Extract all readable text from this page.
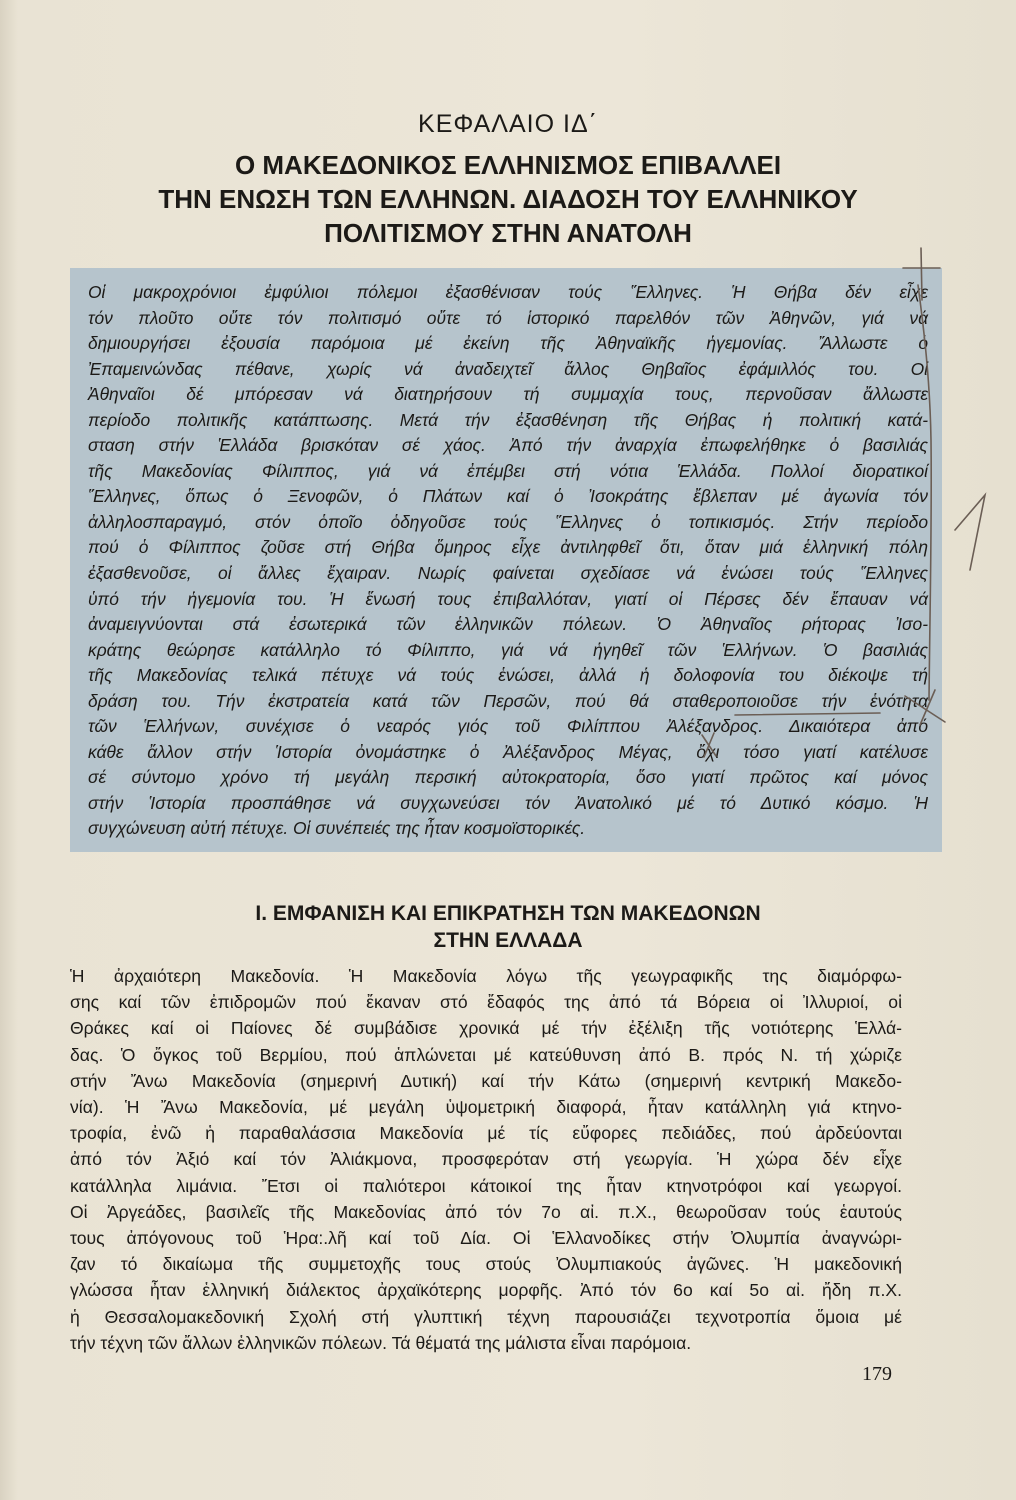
ΚΕΦΑΛΑΙΟ ΙΔ΄
Ο ΜΑΚΕΔΟΝΙΚΟΣ ΕΛΛΗΝΙΣΜΟΣ ΕΠΙΒΑΛΛΕΙ
ΤΗΝ ΕΝΩΣΗ ΤΩΝ ΕΛΛΗΝΩΝ. ΔΙΑΔΟΣΗ ΤΟΥ ΕΛΛΗΝΙΚΟΥ
ΠΟΛΙΤΙΣΜΟΥ ΣΤΗΝ ΑΝΑΤΟΛΗ
Οἱ μακροχρόνιοι ἐμφύλιοι πόλεμοι ἐξασθένισαν τούς Ἕλληνες. Ἡ Θήβα δέν εἶχε
τόν πλοῦτο οὔτε τόν πολιτισμό οὔτε τό ἱστορικό παρελθόν τῶν Ἀθηνῶν, γιά νά
δημιουργήσει ἐξουσία παρόμοια μέ ἐκείνη τῆς Ἀθηναϊκῆς ἡγεμονίας. Ἄλλωστε ὁ
Ἐπαμεινώνδας πέθανε, χωρίς νά ἀναδειχτεῖ ἄλλος Θηβαῖος ἐφάμιλλός του. Οἱ
Ἀθηναῖοι δέ μπόρεσαν νά διατηρήσουν τή συμμαχία τους, περνοῦσαν ἄλλωστε
περίοδο πολιτικῆς κατάπτωσης. Μετά τήν ἐξασθένηση τῆς Θήβας ἡ πολιτική κατά-
σταση στήν Ἑλλάδα βρισκόταν σέ χάος. Ἀπό τήν ἀναρχία ἐπωφελήθηκε ὁ βασιλιάς
τῆς Μακεδονίας Φίλιππος, γιά νά ἐπέμβει στή νότια Ἑλλάδα. Πολλοί διορατικοί
Ἕλληνες, ὅπως ὁ Ξενοφῶν, ὁ Πλάτων καί ὁ Ἰσοκράτης ἔβλεπαν μέ ἀγωνία τόν
ἀλληλοσπαραγμό, στόν ὁποῖο ὁδηγοῦσε τούς Ἕλληνες ὁ τοπικισμός. Στήν περίοδο
πού ὁ Φίλιππος ζοῦσε στή Θήβα ὅμηρος εἶχε ἀντιληφθεῖ ὅτι, ὅταν μιά ἑλληνική πόλη
ἐξασθενοῦσε, οἱ ἄλλες ἔχαιραν. Νωρίς φαίνεται σχεδίασε νά ἑνώσει τούς Ἕλληνες
ὑπό τήν ἡγεμονία του. Ἡ ἕνωσή τους ἐπιβαλλόταν, γιατί οἱ Πέρσες δέν ἔπαυαν νά
ἀναμειγνύονται στά ἐσωτερικά τῶν ἑλληνικῶν πόλεων. Ὁ Ἀθηναῖος ρήτορας Ἰσο-
κράτης θεώρησε κατάλληλο τό Φίλιππο, γιά νά ἡγηθεῖ τῶν Ἑλλήνων. Ὁ βασιλιάς
τῆς Μακεδονίας τελικά πέτυχε νά τούς ἑνώσει, ἀλλά ἡ δολοφονία του διέκοψε τή
δράση του. Τήν ἐκστρατεία κατά τῶν Περσῶν, πού θά σταθεροποιοῦσε τήν ἑνότητα
τῶν Ἑλλήνων, συνέχισε ὁ νεαρός γιός τοῦ Φιλίππου Ἀλέξανδρος. Δικαιότερα ἀπό
κάθε ἄλλον στήν Ἱστορία ὀνομάστηκε ὁ Ἀλέξανδρος Μέγας, ὄχι τόσο γιατί κατέλυσε
σέ σύντομο χρόνο τή μεγάλη περσική αὐτοκρατορία, ὅσο γιατί πρῶτος καί μόνος
στήν Ἱστορία προσπάθησε νά συγχωνεύσει τόν Ἀνατολικό μέ τό Δυτικό κόσμο. Ἡ
συγχώνευση αὐτή πέτυχε. Οἱ συνέπειές της ἦταν κοσμοϊστορικές.
Ι. ΕΜΦΑΝΙΣΗ ΚΑΙ ΕΠΙΚΡΑΤΗΣΗ ΤΩΝ ΜΑΚΕΔΟΝΩΝ
ΣΤΗΝ ΕΛΛΑΔΑ
Ἡ ἀρχαιότερη Μακεδονία. Ἡ Μακεδονία λόγω τῆς γεωγραφικῆς της διαμόρφω-
σης καί τῶν ἐπιδρομῶν πού ἔκαναν στό ἔδαφός της ἀπό τά Βόρεια οἱ Ἰλλυριοί, οἱ
Θράκες καί οἱ Παίονες δέ συμβάδισε χρονικά μέ τήν ἐξέλιξη τῆς νοτιότερης Ἑλλά-
δας. Ὁ ὄγκος τοῦ Βερμίου, πού ἁπλώνεται μέ κατεύθυνση ἀπό Β. πρός Ν. τή χώριζε
στήν Ἄνω Μακεδονία (σημερινή Δυτική) καί τήν Κάτω (σημερινή κεντρική Μακεδο-
νία). Ἡ Ἄνω Μακεδονία, μέ μεγάλη ὑψομετρική διαφορά, ἦταν κατάλληλη γιά κτηνο-
τροφία, ἐνῶ ἡ παραθαλάσσια Μακεδονία μέ τίς εὔφορες πεδιάδες, πού ἀρδεύονται
ἀπό τόν Ἀξιό καί τόν Ἀλιάκμονα, προσφερόταν στή γεωργία. Ἡ χώρα δέν εἶχε
κατάλληλα λιμάνια. Ἔτσι οἱ παλιότεροι κάτοικοί της ἦταν κτηνοτρόφοι καί γεωργοί.
Οἱ Ἀργεάδες, βασιλεῖς τῆς Μακεδονίας ἀπό τόν 7ο αἰ. π.Χ., θεωροῦσαν τούς ἑαυτούς
τους ἀπόγονους τοῦ Ἡρα:.λῆ καί τοῦ Δία. Οἱ Ἑλλανοδίκες στήν Ὀλυμπία ἀναγνώρι-
ζαν τό δικαίωμα τῆς συμμετοχῆς τους στούς Ὀλυμπιακούς ἀγῶνες. Ἡ μακεδονική
γλώσσα ἦταν ἑλληνική διάλεκτος ἀρχαϊκότερης μορφῆς. Ἀπό τόν 6ο καί 5ο αἰ. ἤδη π.Χ.
ἡ Θεσσαλομακεδονική Σχολή στή γλυπτική τέχνη παρουσιάζει τεχνοτροπία ὅμοια μέ
τήν τέχνη τῶν ἄλλων ἑλληνικῶν πόλεων. Τά θέματά της μάλιστα εἶναι παρόμοια.
179
